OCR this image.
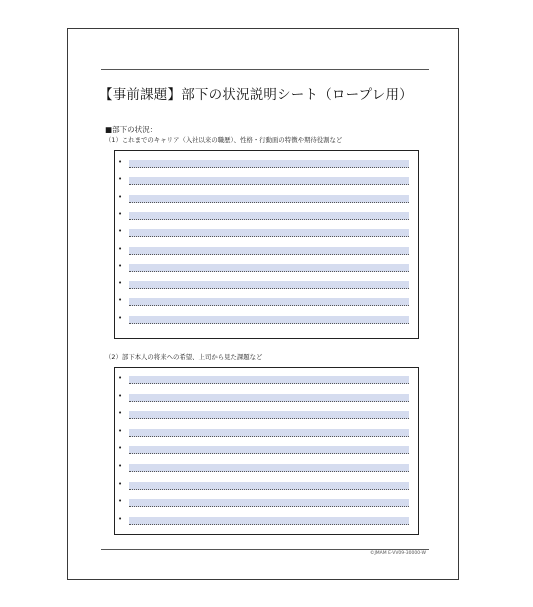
【事前課題】部下の状況説明シート（ロープレ用）
■部下の状況：
（1）これまでのキャリア（入社以来の職歴）、性格・行動面の特徴や期待役割など
•
•
•
•
•
•
•
•
•
•
（2）部下本人の将来への希望、上司から見た課題など
•
•
•
•
•
•
•
•
•
©JMAM E-VV09-30000-W
